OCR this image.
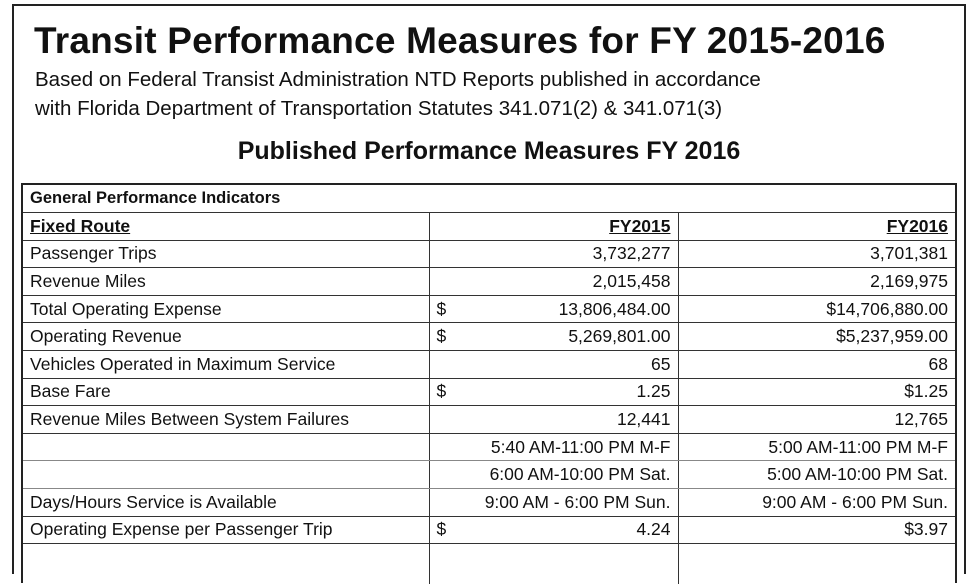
Transit Performance Measures for FY 2015-2016
Based on Federal Transist Administration NTD Reports published in accordance
with Florida Department of Transportation Statutes 341.071(2) & 341.071(3)
Published Performance Measures FY 2016
General Performance Indicators		
Fixed Route	FY2015	FY2016
Passenger Trips	3,732,277	3,701,381
Revenue Miles	2,015,458	2,169,975
Total Operating Expense	$ 13,806,484.00	$14,706,880.00
Operating Revenue	$ 5,269,801.00	$5,237,959.00
Vehicles Operated in Maximum Service	65	68
Base Fare	$ 1.25	$1.25
Revenue Miles Between System Failures	12,441	12,765

	5:40 AM-11:00 PM M-F	5:00 AM-11:00 PM M-F

	6:00 AM-10:00 PM Sat.	5:00 AM-10:00 PM Sat.
Days/Hours Service is Available	9:00 AM - 6:00 PM Sun.	9:00 AM - 6:00 PM Sun.
Operating Expense per Passenger Trip	$ 4.24	$3.97
